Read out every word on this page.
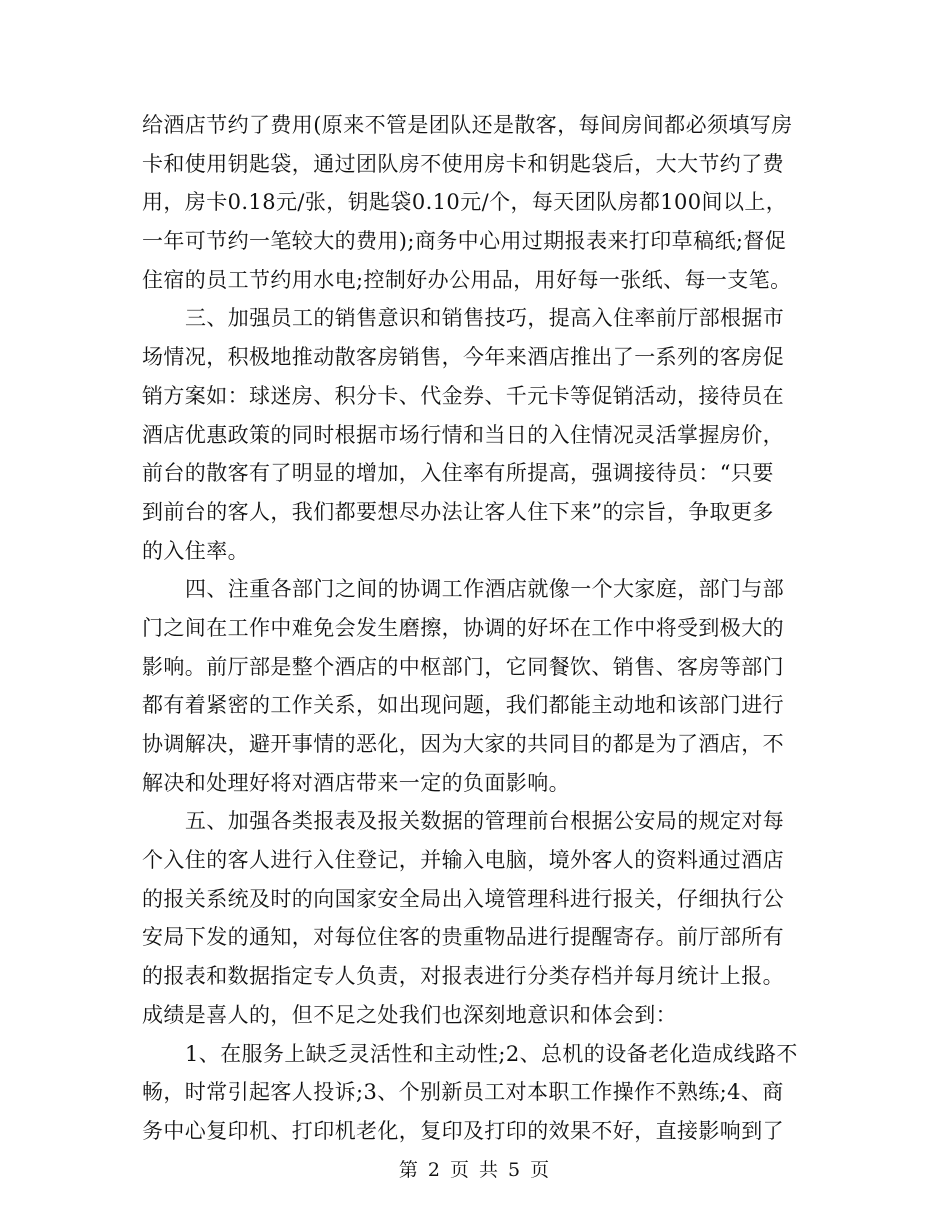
给酒店节约了费用(原来不管是团队还是散客，每间房间都必须填写房
卡和使用钥匙袋，通过团队房不使用房卡和钥匙袋后，大大节约了费
用，房卡0.18元/张，钥匙袋0.10元/个，每天团队房都100间以上，
一年可节约一笔较大的费用);商务中心用过期报表来打印草稿纸;督促
住宿的员工节约用水电;控制好办公用品，用好每一张纸、每一支笔。
三、加强员工的销售意识和销售技巧，提高入住率前厅部根据市
场情况，积极地推动散客房销售，今年来酒店推出了一系列的客房促
销方案如：球迷房、积分卡、代金券、千元卡等促销活动，接待员在
酒店优惠政策的同时根据市场行情和当日的入住情况灵活掌握房价，
前台的散客有了明显的增加，入住率有所提高，强调接待员：“只要
到前台的客人，我们都要想尽办法让客人住下来”的宗旨，争取更多
的入住率。
四、注重各部门之间的协调工作酒店就像一个大家庭，部门与部
门之间在工作中难免会发生磨擦，协调的好坏在工作中将受到极大的
影响。前厅部是整个酒店的中枢部门，它同餐饮、销售、客房等部门
都有着紧密的工作关系，如出现问题，我们都能主动地和该部门进行
协调解决，避开事情的恶化，因为大家的共同目的都是为了酒店，不
解决和处理好将对酒店带来一定的负面影响。
五、加强各类报表及报关数据的管理前台根据公安局的规定对每
个入住的客人进行入住登记，并输入电脑，境外客人的资料通过酒店
的报关系统及时的向国家安全局出入境管理科进行报关，仔细执行公
安局下发的通知，对每位住客的贵重物品进行提醒寄存。前厅部所有
的报表和数据指定专人负责，对报表进行分类存档并每月统计上报。
成绩是喜人的，但不足之处我们也深刻地意识和体会到：
1、在服务上缺乏灵活性和主动性;2、总机的设备老化造成线路不
畅，时常引起客人投诉;3、个别新员工对本职工作操作不熟练;4、商
务中心复印机、打印机老化，复印及打印的效果不好，直接影响到了
第 2 页 共 5 页
